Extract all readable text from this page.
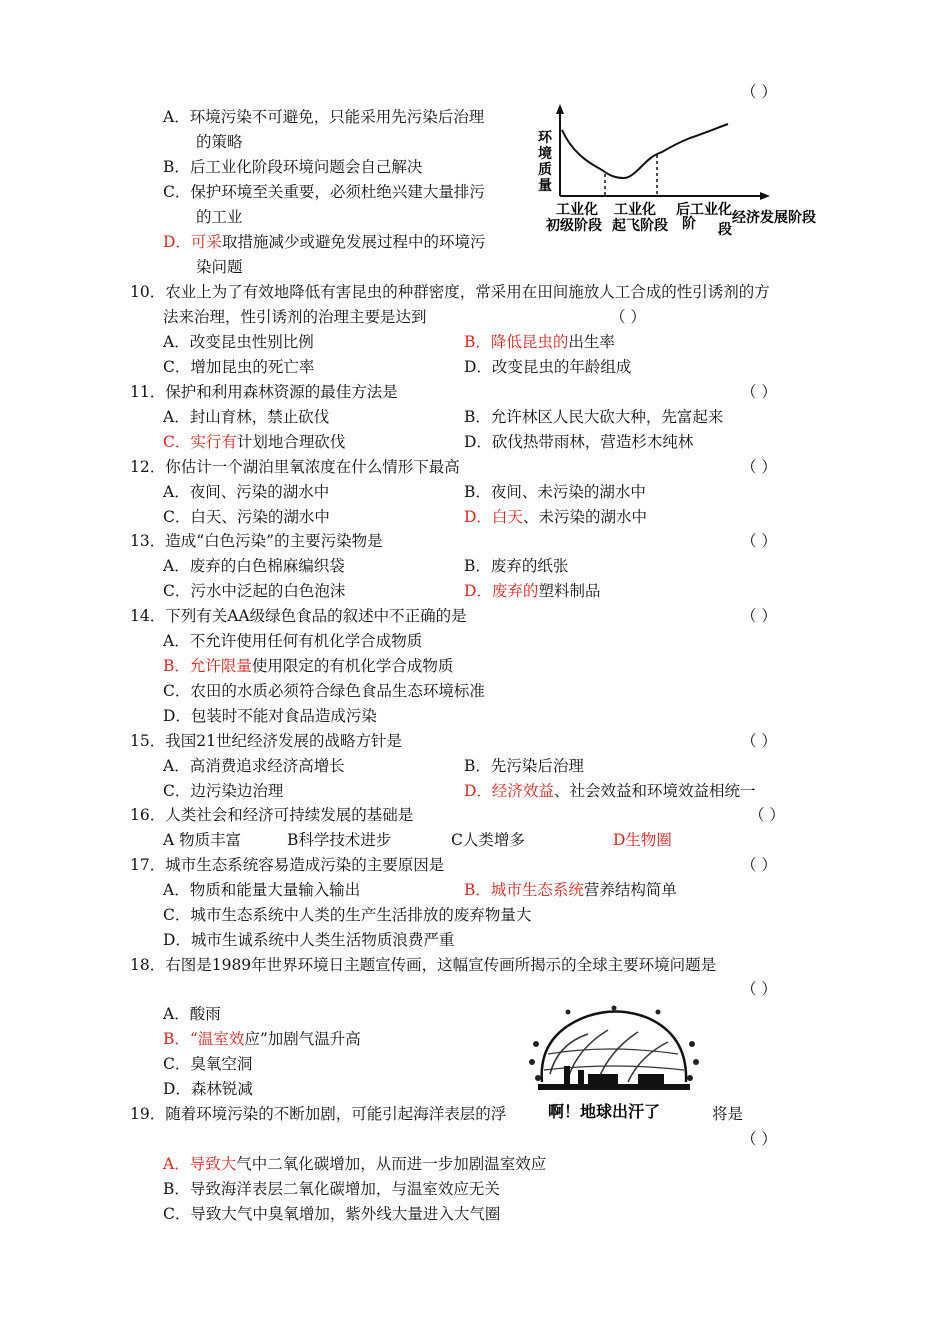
（ ）
A．环境污染不可避免，只能采用先污染后治理
的策略
B．后工业化阶段环境问题会自己解决
C．保护环境至关重要，必须杜绝兴建大量排污
的工业
D．可采取措施减少或避免发展过程中的环境污
染问题
环
境
质
量
工业化
初级阶段
工业化
起飞阶段
后工业化
阶 段
经济发展阶段
10．农业上为了有效地降低有害昆虫的种群密度，常采用在田间施放人工合成的性引诱剂的方
法来治理，性引诱剂的治理主要是达到	（ ）
A．改变昆虫性别比例	B．降低昆虫的出生率
C．增加昆虫的死亡率	D．改变昆虫的年龄组成
11．保护和利用森林资源的最佳方法是	（ ）
A．封山育林，禁止砍伐	B．允许林区人民大砍大种，先富起来
C．实行有计划地合理砍伐	D．砍伐热带雨林，营造杉木纯林
12．你估计一个湖泊里氧浓度在什么情形下最高	（ ）
A．夜间、污染的湖水中	B．夜间、未污染的湖水中
C．白天、污染的湖水中	D．白天、未污染的湖水中
13．造成“白色污染”的主要污染物是	（ ）
A．废弃的白色棉麻编织袋	B．废弃的纸张
C．污水中泛起的白色泡沫	D．废弃的塑料制品
14．下列有关AA级绿色食品的叙述中不正确的是	（ ）
A．不允许使用任何有机化学合成物质
B．允许限量使用限定的有机化学合成物质
C．农田的水质必须符合绿色食品生态环境标准
D．包装时不能对食品造成污染
15．我国21世纪经济发展的战略方针是	（ ）
A．高消费追求经济高增长	B．先污染后治理
C．边污染边治理	D．经济效益、社会效益和环境效益相统一
16．人类社会和经济可持续发展的基础是	（ ）
A 物质丰富	B科学技术进步	C人类增多	D生物圈
17．城市生态系统容易造成污染的主要原因是	（ ）
A．物质和能量大量输入输出	B．城市生态系统营养结构简单
C．城市生态系统中人类的生产生活排放的废弃物量大
D．城市生诚系统中人类生活物质浪费严重
18．右图是1989年世界环境日主题宣传画，这幅宣传画所揭示的全球主要环境问题是
（ ）
A．酸雨
B．“温室效应”加剧气温升高
C．臭氧空洞
D．森林锐减
啊！地球出汗了
19．随着环境污染的不断加剧，可能引起海洋表层的浮	将是
（ ）
A．导致大气中二氧化碳增加，从而进一步加剧温室效应
B．导致海洋表层二氧化碳增加，与温室效应无关
C．导致大气中臭氧增加，紫外线大量进入大气圈
